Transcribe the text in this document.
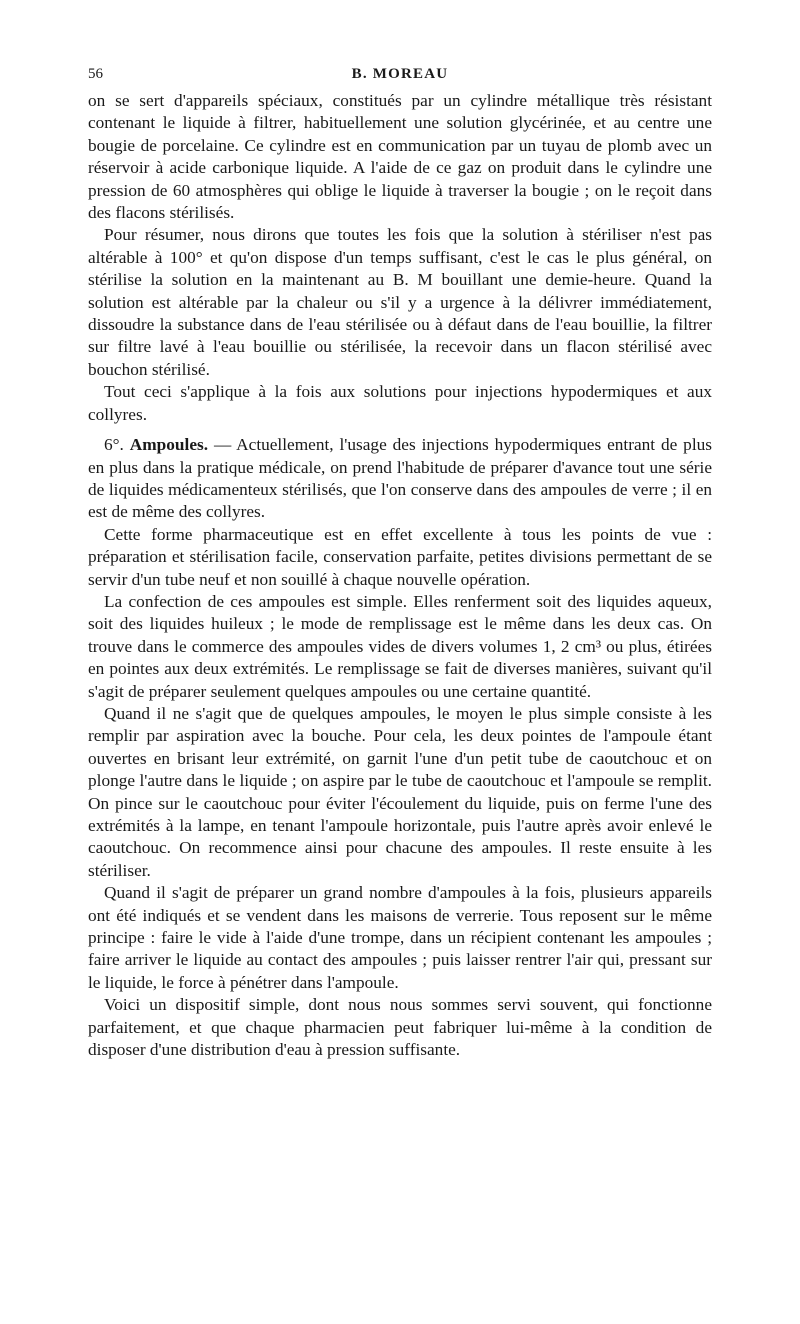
56	B. MOREAU

on se sert d'appareils spéciaux, constitués par un cylindre métallique très résistant contenant le liquide à filtrer, habituellement une solution glycérinée, et au centre une bougie de porcelaine. Ce cylindre est en communication par un tuyau de plomb avec un réservoir à acide carbonique liquide. A l'aide de ce gaz on produit dans le cylindre une pression de 60 atmosphères qui oblige le liquide à traverser la bougie ; on le reçoit dans des flacons stérilisés.

Pour résumer, nous dirons que toutes les fois que la solution à stériliser n'est pas altérable à 100° et qu'on dispose d'un temps suffisant, c'est le cas le plus général, on stérilise la solution en la maintenant au B. M bouillant une demie-heure. Quand la solution est altérable par la chaleur ou s'il y a urgence à la délivrer immédiatement, dissoudre la substance dans de l'eau stérilisée ou à défaut dans de l'eau bouillie, la filtrer sur filtre lavé à l'eau bouillie ou stérilisée, la recevoir dans un flacon stérilisé avec bouchon stérilisé.

Tout ceci s'applique à la fois aux solutions pour injections hypodermiques et aux collyres.

6°. Ampoules. — Actuellement, l'usage des injections hypodermiques entrant de plus en plus dans la pratique médicale, on prend l'habitude de préparer d'avance tout une série de liquides médicamenteux stérilisés, que l'on conserve dans des ampoules de verre ; il en est de même des collyres.

Cette forme pharmaceutique est en effet excellente à tous les points de vue : préparation et stérilisation facile, conservation parfaite, petites divisions permettant de se servir d'un tube neuf et non souillé à chaque nouvelle opération.

La confection de ces ampoules est simple. Elles renferment soit des liquides aqueux, soit des liquides huileux ; le mode de remplissage est le même dans les deux cas. On trouve dans le commerce des ampoules vides de divers volumes 1, 2 cm³ ou plus, étirées en pointes aux deux extrémités. Le remplissage se fait de diverses manières, suivant qu'il s'agit de préparer seulement quelques ampoules ou une certaine quantité.

Quand il ne s'agit que de quelques ampoules, le moyen le plus simple consiste à les remplir par aspiration avec la bouche. Pour cela, les deux pointes de l'ampoule étant ouvertes en brisant leur extrémité, on garnit l'une d'un petit tube de caoutchouc et on plonge l'autre dans le liquide ; on aspire par le tube de caoutchouc et l'ampoule se remplit. On pince sur le caoutchouc pour éviter l'écoulement du liquide, puis on ferme l'une des extrémités à la lampe, en tenant l'ampoule horizontale, puis l'autre après avoir enlevé le caoutchouc. On recommence ainsi pour chacune des ampoules. Il reste ensuite à les stériliser.

Quand il s'agit de préparer un grand nombre d'ampoules à la fois, plusieurs appareils ont été indiqués et se vendent dans les maisons de verrerie. Tous reposent sur le même principe : faire le vide à l'aide d'une trompe, dans un récipient contenant les ampoules ; faire arriver le liquide au contact des ampoules ; puis laisser rentrer l'air qui, pressant sur le liquide, le force à pénétrer dans l'ampoule.

Voici un dispositif simple, dont nous nous sommes servi souvent, qui fonctionne parfaitement, et que chaque pharmacien peut fabriquer lui-même à la condition de disposer d'une distribution d'eau à pression suffisante.
